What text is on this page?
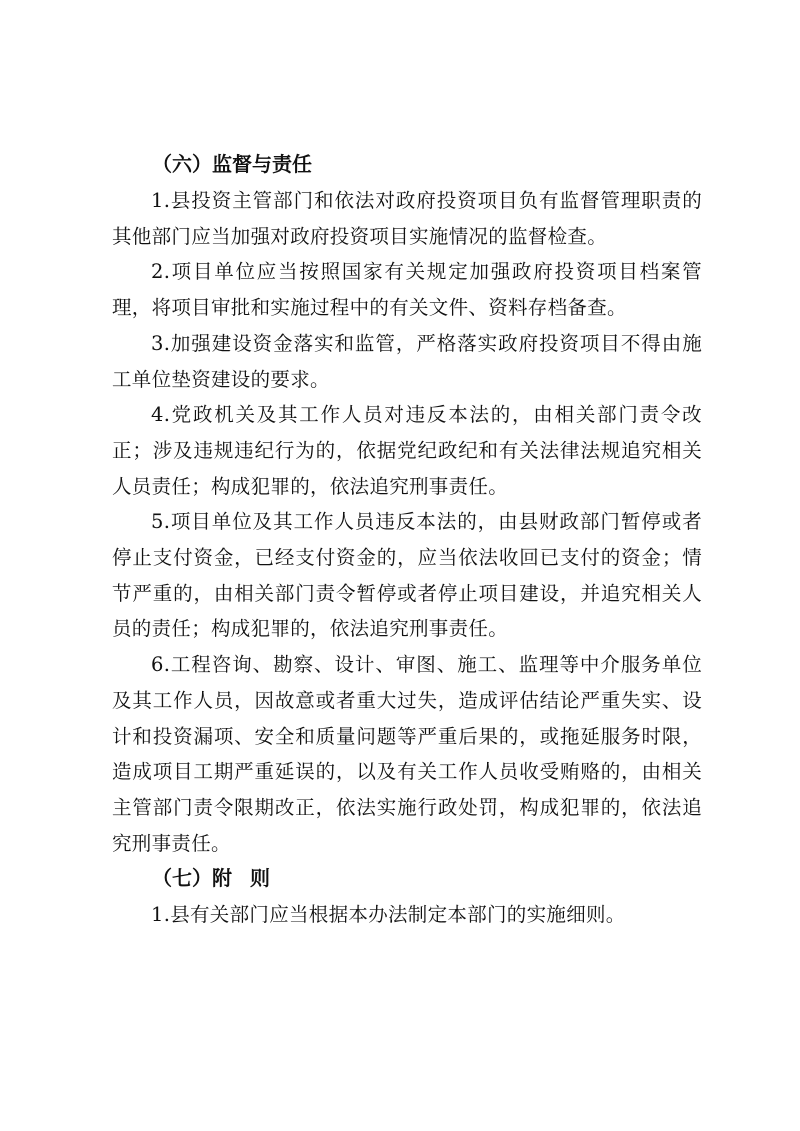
（六）监督与责任

1.县投资主管部门和依法对政府投资项目负有监督管理职责的其他部门应当加强对政府投资项目实施情况的监督检查。

2.项目单位应当按照国家有关规定加强政府投资项目档案管理，将项目审批和实施过程中的有关文件、资料存档备查。

3.加强建设资金落实和监管，严格落实政府投资项目不得由施工单位垫资建设的要求。

4.党政机关及其工作人员对违反本法的，由相关部门责令改正；涉及违规违纪行为的，依据党纪政纪和有关法律法规追究相关人员责任；构成犯罪的，依法追究刑事责任。

5.项目单位及其工作人员违反本法的，由县财政部门暂停或者停止支付资金，已经支付资金的，应当依法收回已支付的资金；情节严重的，由相关部门责令暂停或者停止项目建设，并追究相关人员的责任；构成犯罪的，依法追究刑事责任。

6.工程咨询、勘察、设计、审图、施工、监理等中介服务单位及其工作人员，因故意或者重大过失，造成评估结论严重失实、设计和投资漏项、安全和质量问题等严重后果的，或拖延服务时限，造成项目工期严重延误的，以及有关工作人员收受贿赂的，由相关主管部门责令限期改正，依法实施行政处罚，构成犯罪的，依法追究刑事责任。

（七）附 则

1.县有关部门应当根据本办法制定本部门的实施细则。
